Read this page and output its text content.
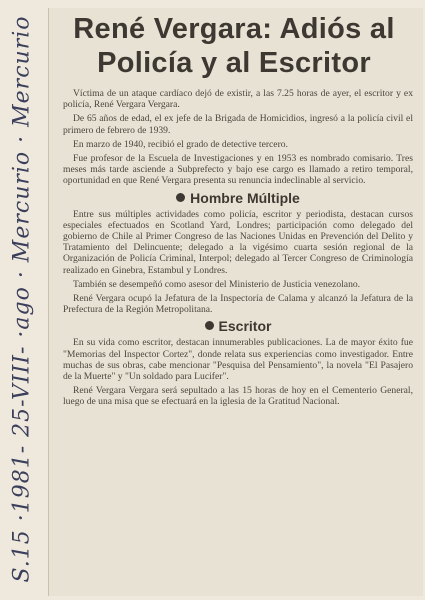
S.15 ·1981- 25-VIII- ·ago · Mercurio · Mercurio	René Vergara: Adiós al
Policía y al Escritor

Víctima de un ataque cardíaco dejó de existir, a las 7.25 horas de ayer, el escritor y ex policía, René Vergara Vergara.

De 65 años de edad, el ex jefe de la Brigada de Homicidios, ingresó a la policía civil el primero de febrero de 1939.

En marzo de 1940, recibió el grado de detective tercero.

Fue profesor de la Escuela de Investigaciones y en 1953 es nombrado comisario. Tres meses más tarde asciende a Subprefecto y bajo ese cargo es llamado a retiro temporal, oportunidad en que René Vergara presenta su renuncia indeclinable al servicio.

Hombre Múltiple

Entre sus múltiples actividades como policía, escritor y periodista, destacan cursos especiales efectuados en Scotland Yard, Londres; participación como delegado del gobierno de Chile al Primer Congreso de las Naciones Unidas en Prevención del Delito y Tratamiento del Delincuente; delegado a la vigésimo cuarta sesión regional de la Organización de Policía Criminal, Interpol; delegado al Tercer Congreso de Criminología realizado en Ginebra, Estambul y Londres.

También se desempeñó como asesor del Ministerio de Justicia venezolano.

René Vergara ocupó la Jefatura de la Inspectoría de Calama y alcanzó la Jefatura de la Prefectura de la Región Metropolitana.

Escritor

En su vida como escritor, destacan innumerables publicaciones. La de mayor éxito fue "Memorias del Inspector Cortez", donde relata sus experiencias como investigador. Entre muchas de sus obras, cabe mencionar "Pesquisa del Pensamiento", la novela "El Pasajero de la Muerte" y "Un soldado para Lucifer".

René Vergara Vergara será sepultado a las 15 horas de hoy en el Cementerio General, luego de una misa que se efectuará en la iglesia de la Gratitud Nacional.
